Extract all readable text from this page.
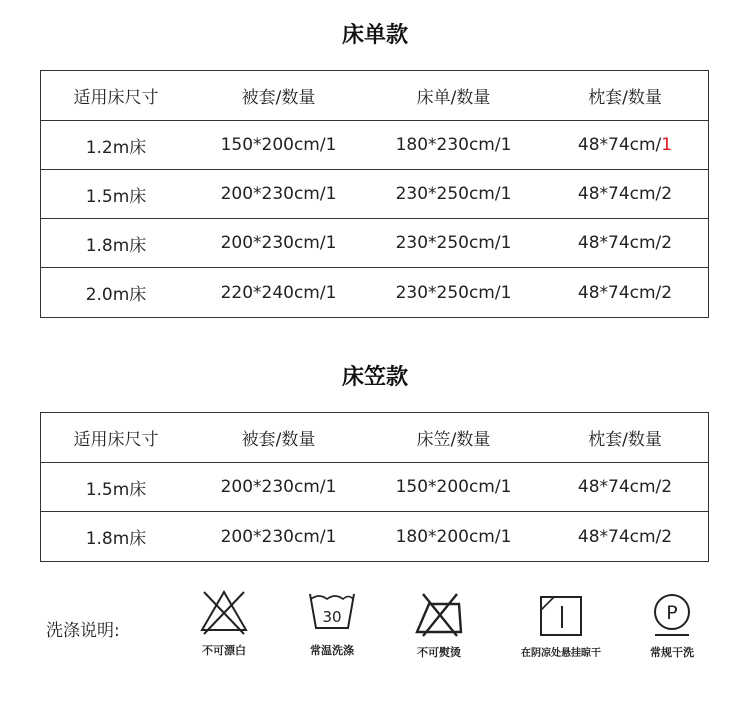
床单款
适用床尺寸	被套/数量	床单/数量	枕套/数量
1.2m床	150*200cm/1	180*230cm/1	48*74cm/ 1
1.5m床	200*230cm/1	230*250cm/1	48*74cm/ 2
1.8m床	200*230cm/1	230*250cm/1	48*74cm/ 2
2.0m床	220*240cm/1	230*250cm/1	48*74cm/ 2
床笠款
适用床尺寸	被套/数量	床笠/数量	枕套/数量
1.5m床	200*230cm/1	150*200cm/1	48*74cm/2
1.8m床	200*230cm/1	180*200cm/1	48*74cm/2
洗涤说明:
不可漂白
30
常温洗涤	不可熨烫	在阴凉处悬挂晾干
P
常规干洗
